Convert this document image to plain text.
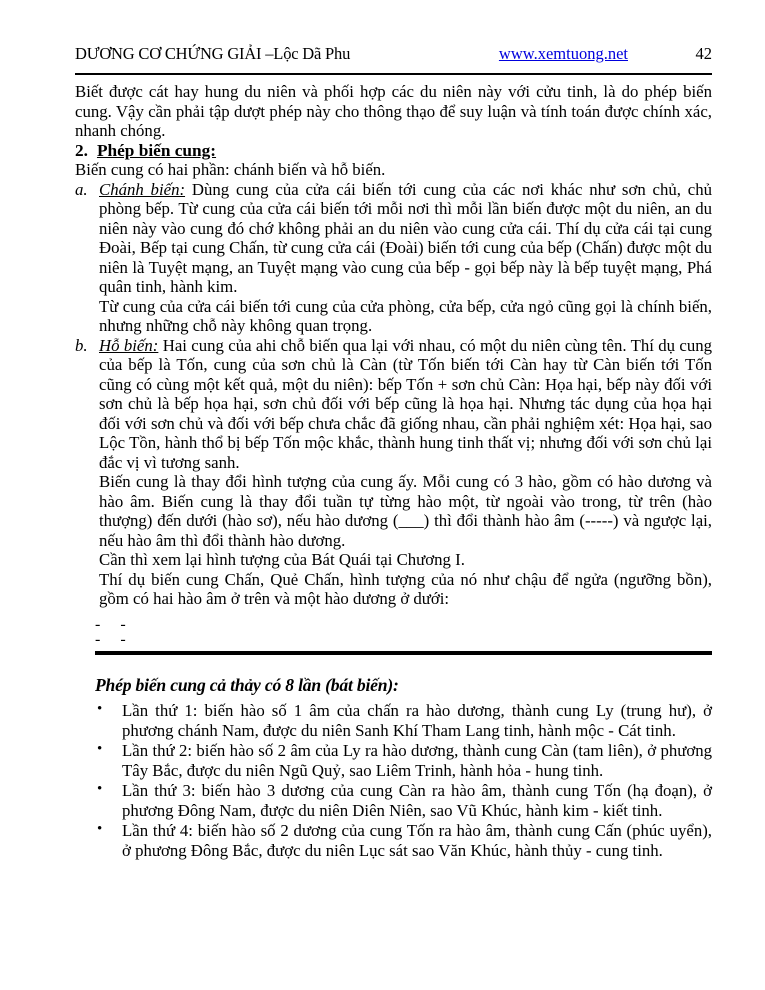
DƯƠNG CƠ CHỨNG GIẢI –Lộc Dã Phu	www.xemtuong.net	42

Biết được cát hay hung du niên và phối hợp các du niên này với cửu tinh, là do phép biến cung. Vậy cần phải tập dượt phép này cho thông thạo để suy luận và tính toán được chính xác, nhanh chóng.

2. Phép biến cung:

Biến cung có hai phần: chánh biến và hỗ biến.

a. Chánh biến: Dùng cung của cửa cái biến tới cung của các nơi khác như sơn chủ, chủ phòng bếp. Từ cung của cửa cái biến tới mỗi nơi thì mỗi lần biến được một du niên, an du niên này vào cung đó chớ không phải an du niên vào cung cửa cái. Thí dụ cửa cái tại cung Đoài, Bếp tại cung Chấn, từ cung cửa cái (Đoài) biến tới cung của bếp (Chấn) được một du niên là Tuyệt mạng, an Tuyệt mạng vào cung của bếp - gọi bếp này là bếp tuyệt mạng, Phá quân tinh, hành kim.

Từ cung của cửa cái biến tới cung của cửa phòng, cửa bếp, cửa ngỏ cũng gọi là chính biến, nhưng những chỗ này không quan trọng.

b. Hỗ biến: Hai cung của ahi chỗ biến qua lại với nhau, có một du niên cùng tên. Thí dụ cung của bếp là Tốn, cung của sơn chủ là Càn (từ Tốn biến tới Càn hay từ Càn biến tới Tốn cũng có cùng một kết quả, một du niên): bếp Tốn + sơn chủ Càn: Họa hại, bếp này đối với sơn chủ là bếp họa hại, sơn chủ đối với bếp cũng là họa hại. Nhưng tác dụng của họa hại đối với sơn chủ và đối với bếp chưa chắc đã giống nhau, cần phải nghiệm xét: Họa hại, sao Lộc Tồn, hành thổ bị bếp Tốn mộc khắc, thành hung tinh thất vị; nhưng đối với sơn chủ lại đắc vị vì tương sanh.

Biến cung là thay đổi hình tượng của cung ấy. Mỗi cung có 3 hào, gồm có hào dương và hào âm. Biến cung là thay đổi tuần tự từng hào một, từ ngoài vào trong, từ trên (hào thượng) đến dưới (hào sơ), nếu hào dương (___) thì đổi thành hào âm (-----) và ngược lại, nếu hào âm thì đổi thành hào dương.

Cần thì xem lại hình tượng của Bát Quái tại Chương I.

Thí dụ biến cung Chấn, Quẻ Chấn, hình tượng của nó như chậu để ngửa (ngưỡng bồn), gồm có hai hào âm ở trên và một hào dương ở dưới:

- -
- -
Phép biến cung cả thảy có 8 lần (bát biến):
• Lần thứ 1: biến hào số 1 âm của chấn ra hào dương, thành cung Ly (trung hư), ở phương chánh Nam, được du niên Sanh Khí Tham Lang tinh, hành mộc - Cát tinh.
• Lần thứ 2: biến hào số 2 âm của Ly ra hào dương, thành cung Càn (tam liên), ở phương Tây Bắc, được du niên Ngũ Quỷ, sao Liêm Trinh, hành hỏa - hung tinh.
• Lần thứ 3: biến hào 3 dương của cung Càn ra hào âm, thành cung Tốn (hạ đoạn), ở phương Đông Nam, được du niên Diên Niên, sao Vũ Khúc, hành kim - kiết tinh.
• Lần thứ 4: biến hào số 2 dương của cung Tốn ra hào âm, thành cung Cấn (phúc uyển), ở phương Đông Bắc, được du niên Lục sát sao Văn Khúc, hành thủy - cung tinh.
